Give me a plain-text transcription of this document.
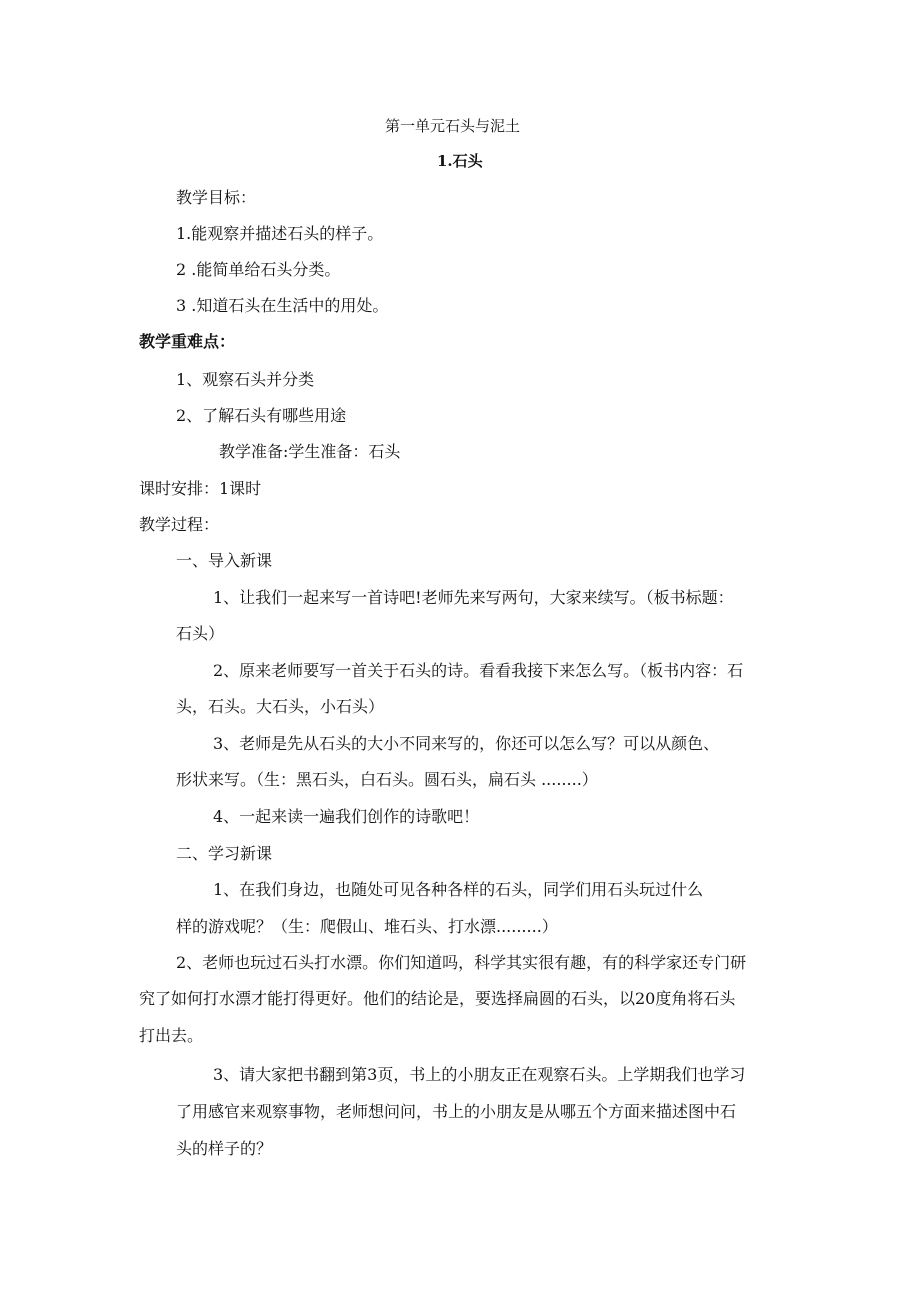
第一单元石头与泥土
1.石头
教学目标：
1.能观察并描述石头的样子。
2 .能简单给石头分类。
3 .知道石头在生活中的用处。
教学重难点：
1、观察石头并分类
2、了解石头有哪些用途
教学准备:学生准备：石头
课时安排：1课时
教学过程：
一、导入新课
1、让我们一起来写一首诗吧!老师先来写两句，大家来续写。（板书标题：
石头）
2、原来老师要写一首关于石头的诗。看看我接下来怎么写。（板书内容：石
头，石头。大石头，小石头）
3、老师是先从石头的大小不同来写的，你还可以怎么写？可以从颜色、
形状来写。（生：黑石头，白石头。圆石头，扁石头 ........）
4、一起来读一遍我们创作的诗歌吧！
二、学习新课
1、在我们身边，也随处可见各种各样的石头，同学们用石头玩过什么
样的游戏呢？（生：爬假山、堆石头、打水漂.........）
2、老师也玩过石头打水漂。你们知道吗，科学其实很有趣，有的科学家还专门研
究了如何打水漂才能打得更好。他们的结论是，要选择扁圆的石头，以20度角将石头
打出去。
3、请大家把书翻到第3页，书上的小朋友正在观察石头。上学期我们也学习
了用感官来观察事物，老师想问问，书上的小朋友是从哪五个方面来描述图中石
头的样子的？
